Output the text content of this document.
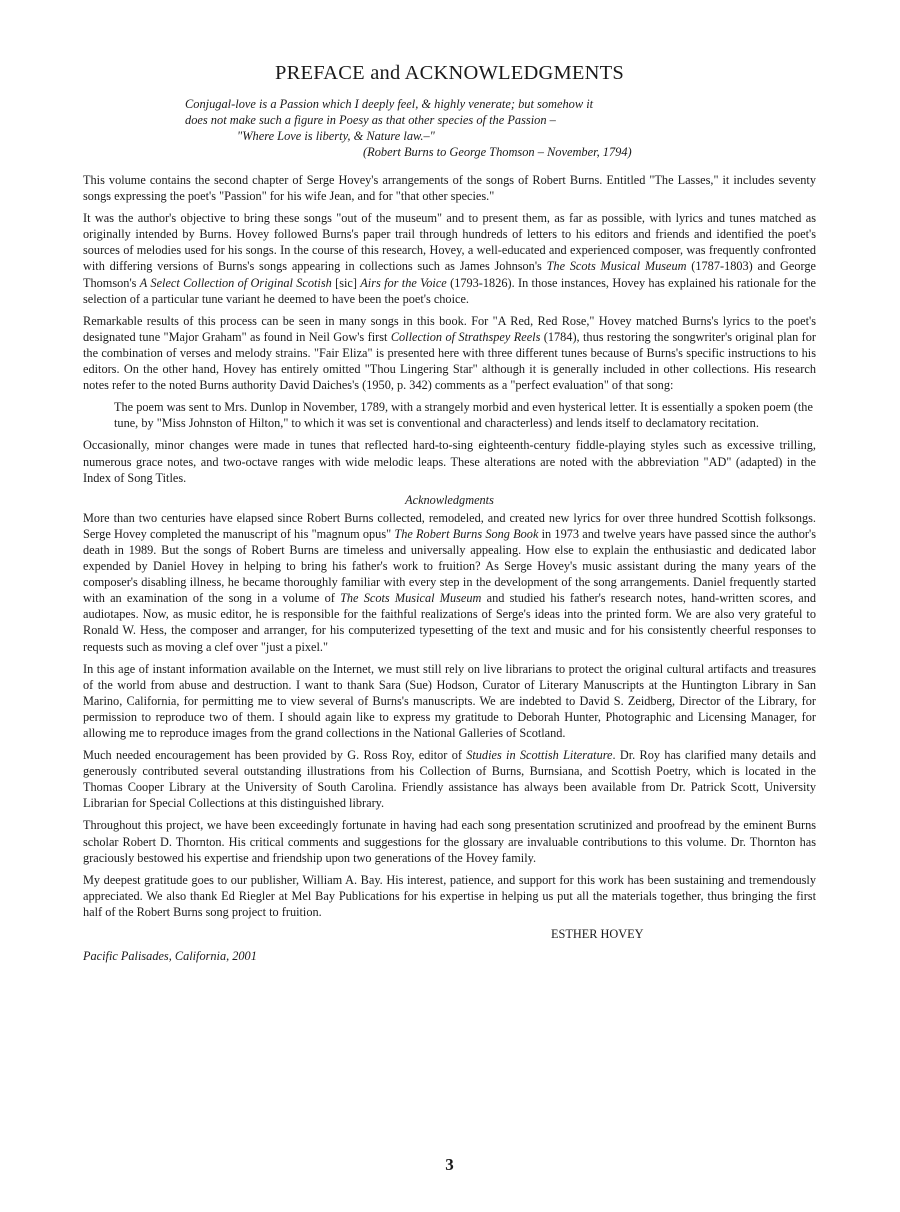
PREFACE and ACKNOWLEDGMENTS

Conjugal-love is a Passion which I deeply feel, & highly venerate; but somehow it

does not make such a figure in Poesy as that other species of the Passion –

"Where Love is liberty, & Nature law.–"

(Robert Burns to George Thomson – November, 1794)

This volume contains the second chapter of Serge Hovey's arrangements of the songs of Robert Burns. Entitled "The Lasses," it includes seventy songs expressing the poet's "Passion" for his wife Jean, and for "that other species."

It was the author's objective to bring these songs "out of the museum" and to present them, as far as possible, with lyrics and tunes matched as originally intended by Burns. Hovey followed Burns's paper trail through hundreds of letters to his editors and friends and identified the poet's sources of melodies used for his songs. In the course of this research, Hovey, a well-educated and experienced composer, was frequently confronted with differing versions of Burns's songs appearing in collections such as James Johnson's The Scots Musical Museum (1787-1803) and George Thomson's A Select Collection of Original Scotish [sic] Airs for the Voice (1793-1826). In those instances, Hovey has explained his rationale for the selection of a particular tune variant he deemed to have been the poet's choice.

Remarkable results of this process can be seen in many songs in this book. For "A Red, Red Rose," Hovey matched Burns's lyrics to the poet's designated tune "Major Graham" as found in Neil Gow's first Collection of Strathspey Reels (1784), thus restoring the songwriter's original plan for the combination of verses and melody strains. "Fair Eliza" is presented here with three different tunes because of Burns's specific instructions to his editors. On the other hand, Hovey has entirely omitted "Thou Lingering Star" although it is generally included in other collections. His research notes refer to the noted Burns authority David Daiches's (1950, p. 342) comments as a "perfect evaluation" of that song:

The poem was sent to Mrs. Dunlop in November, 1789, with a strangely morbid and even hysterical letter. It is essentially a spoken poem (the tune, by "Miss Johnston of Hilton," to which it was set is conventional and characterless) and lends itself to declamatory recitation.

Occasionally, minor changes were made in tunes that reflected hard-to-sing eighteenth-century fiddle-playing styles such as excessive trilling, numerous grace notes, and two-octave ranges with wide melodic leaps. These alterations are noted with the abbreviation "AD" (adapted) in the Index of Song Titles.

Acknowledgments

More than two centuries have elapsed since Robert Burns collected, remodeled, and created new lyrics for over three hundred Scottish folksongs. Serge Hovey completed the manuscript of his "magnum opus" The Robert Burns Song Book in 1973 and twelve years have passed since the author's death in 1989. But the songs of Robert Burns are timeless and universally appealing. How else to explain the enthusiastic and dedicated labor expended by Daniel Hovey in helping to bring his father's work to fruition? As Serge Hovey's music assistant during the many years of the composer's disabling illness, he became thoroughly familiar with every step in the development of the song arrangements. Daniel frequently started with an examination of the song in a volume of The Scots Musical Museum and studied his father's research notes, hand-written scores, and audiotapes. Now, as music editor, he is responsible for the faithful realizations of Serge's ideas into the printed form. We are also very grateful to Ronald W. Hess, the composer and arranger, for his computerized typesetting of the text and music and for his consistently cheerful responses to requests such as moving a clef over "just a pixel."

In this age of instant information available on the Internet, we must still rely on live librarians to protect the original cultural artifacts and treasures of the world from abuse and destruction. I want to thank Sara (Sue) Hodson, Curator of Literary Manuscripts at the Huntington Library in San Marino, California, for permitting me to view several of Burns's manuscripts. We are indebted to David S. Zeidberg, Director of the Library, for permission to reproduce two of them. I should again like to express my gratitude to Deborah Hunter, Photographic and Licensing Manager, for allowing me to reproduce images from the grand collections in the National Galleries of Scotland.

Much needed encouragement has been provided by G. Ross Roy, editor of Studies in Scottish Literature. Dr. Roy has clarified many details and generously contributed several outstanding illustrations from his Collection of Burns, Burnsiana, and Scottish Poetry, which is located in the Thomas Cooper Library at the University of South Carolina. Friendly assistance has always been available from Dr. Patrick Scott, University Librarian for Special Collections at this distinguished library.

Throughout this project, we have been exceedingly fortunate in having had each song presentation scrutinized and proofread by the eminent Burns scholar Robert D. Thornton. His critical comments and suggestions for the glossary are invaluable contributions to this volume. Dr. Thornton has graciously bestowed his expertise and friendship upon two generations of the Hovey family.

My deepest gratitude goes to our publisher, William A. Bay. His interest, patience, and support for this work has been sustaining and tremendously appreciated. We also thank Ed Riegler at Mel Bay Publications for his expertise in helping us put all the materials together, thus bringing the first half of the Robert Burns song project to fruition.

ESTHER HOVEY

Pacific Palisades, California, 2001

3
